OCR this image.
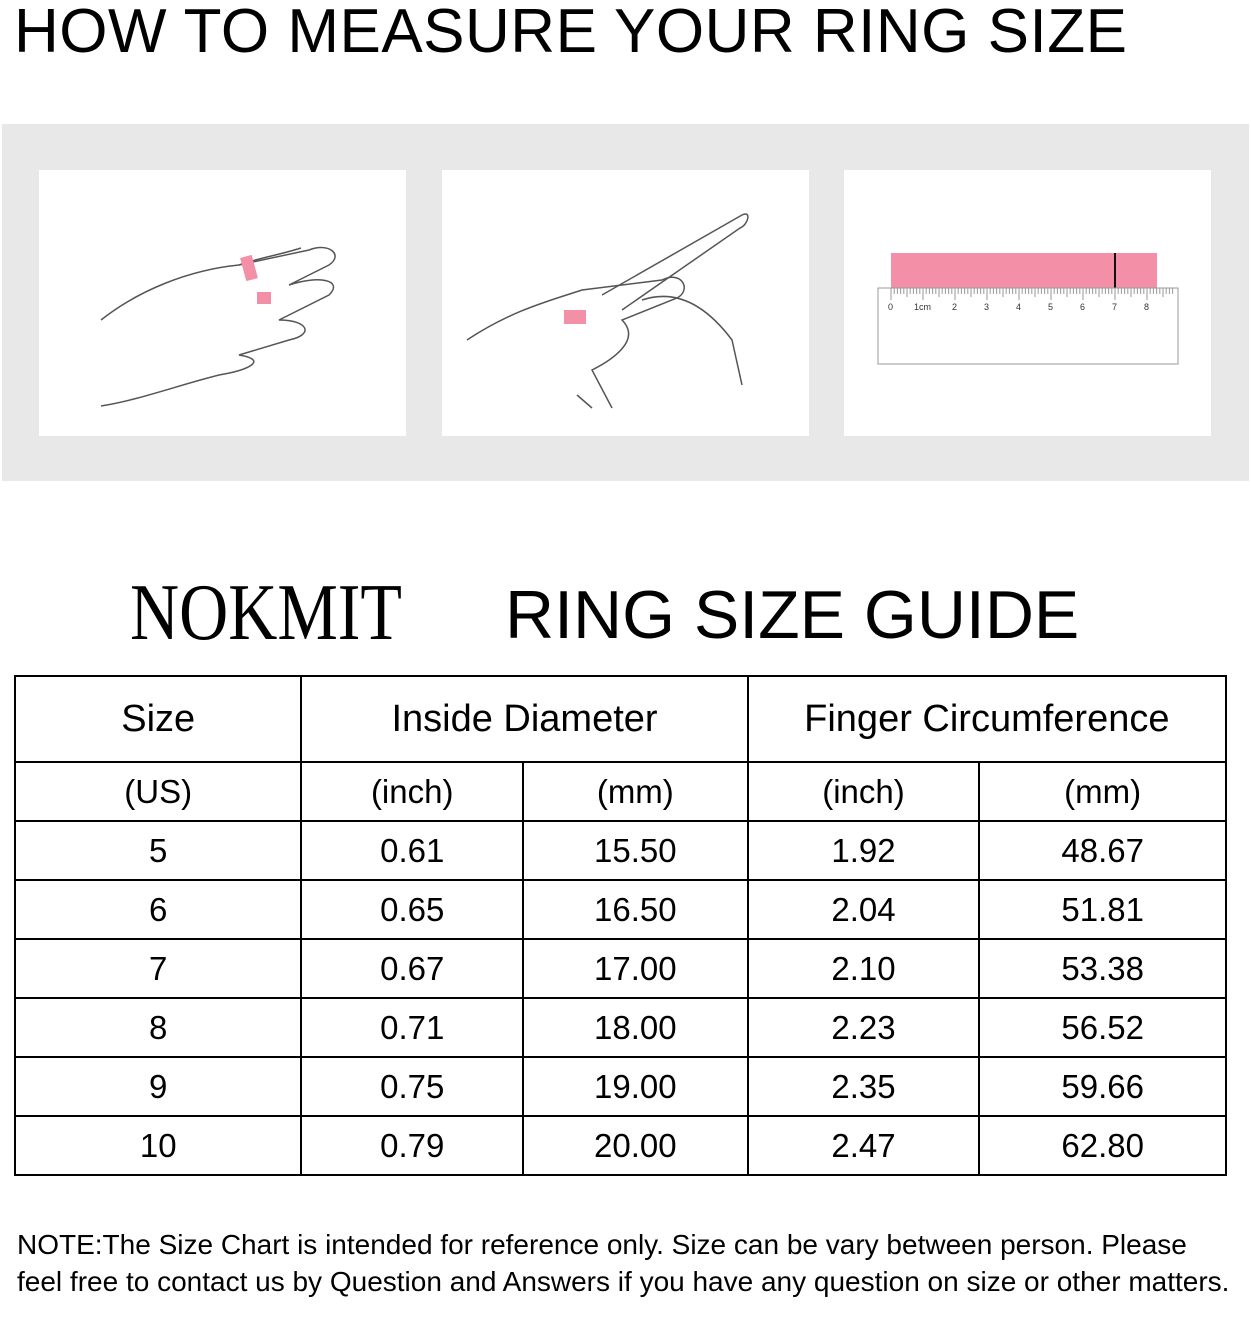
HOW TO MEASURE YOUR RING SIZE
0 1cm 2	3	4	5	6	7	8
NOKMIT RING SIZE GUIDE
Size	Inside Diameter		Finger Circumference	
(US)	(inch)	(mm)	(inch)	(mm)
5	0.61	15.50	1.92	48.67
6	0.65	16.50	2.04	51.81
7	0.67	17.00	2.10	53.38
8	0.71	18.00	2.23	56.52
9	0.75	19.00	2.35	59.66
10	0.79	20.00	2.47	62.80
NOTE:The Size Chart is intended for reference only. Size can be vary between person. Please feel free to contact us by Question and Answers if you have any question on size or other matters.
